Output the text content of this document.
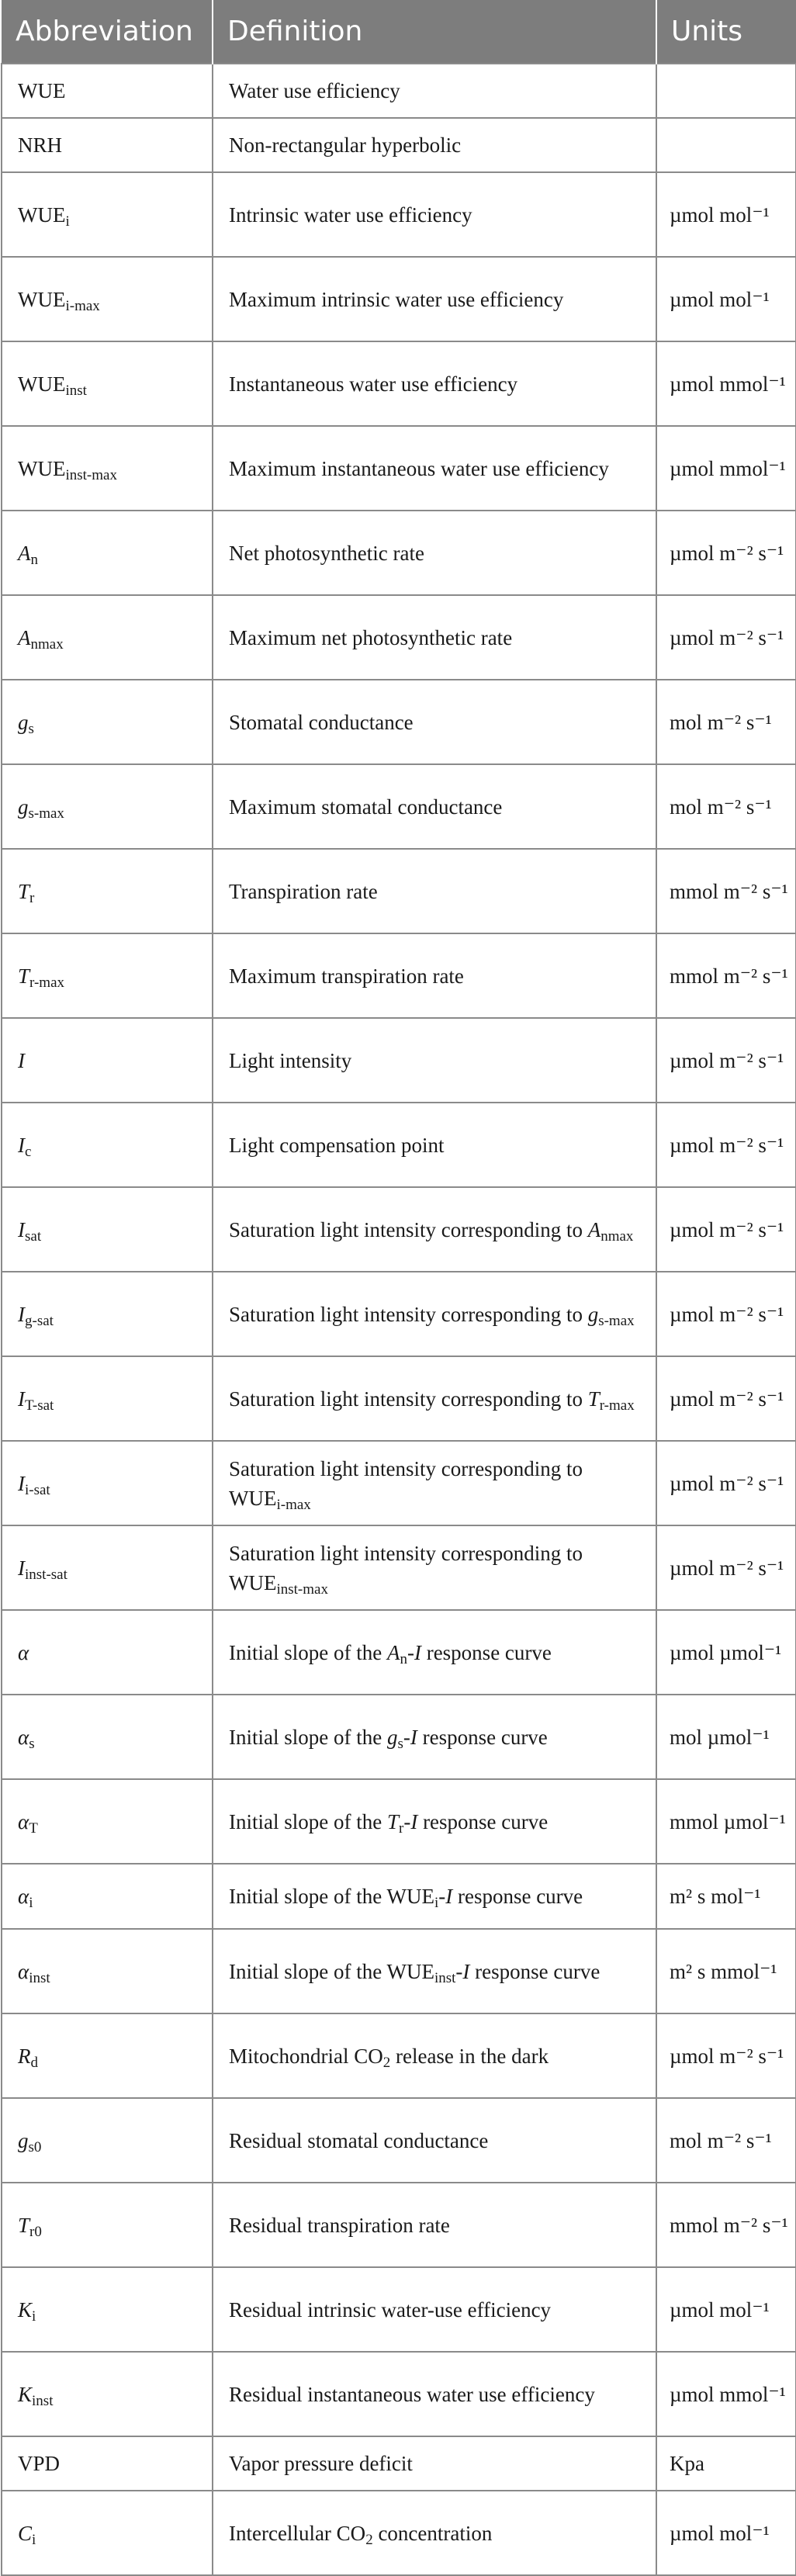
Abbreviation	Definition	Units
WUE	Water use efficiency	
NRH	Non-rectangular hyperbolic	
$WUE_i$	Intrinsic water use efficiency	µmol mol⁻¹
$WUE_{i-max}$	Maximum intrinsic water use efficiency	µmol mol⁻¹
$WUE_{inst}$	Instantaneous water use efficiency	µmol mmol⁻¹
$WUE_{inst-max}$	Maximum instantaneous water use efficiency	µmol mmol⁻¹
$A_n$	Net photosynthetic rate	µmol m⁻² s⁻¹
$A_{nmax}$	Maximum net photosynthetic rate	µmol m⁻² s⁻¹
$g_s$	Stomatal conductance	mol m⁻² s⁻¹
$g_{s-max}$	Maximum stomatal conductance	mol m⁻² s⁻¹
$T_r$	Transpiration rate	mmol m⁻² s⁻¹
$T_{r-max}$	Maximum transpiration rate	mmol m⁻² s⁻¹
I	Light intensity	µmol m⁻² s⁻¹
$I_c$	Light compensation point	µmol m⁻² s⁻¹
$I_{sat}$	Saturation light intensity corresponding to $A_{nmax}$	µmol m⁻² s⁻¹
$I_{g-sat}$	Saturation light intensity corresponding to $g_{s-max}$	µmol m⁻² s⁻¹
$I_{T-sat}$	Saturation light intensity corresponding to $T_{r-max}$	µmol m⁻² s⁻¹
$I_{i-sat}$	Saturation light intensity corresponding to $WUE_{i-max}$	µmol m⁻² s⁻¹
$I_{inst-sat}$	Saturation light intensity corresponding to $WUE_{inst-max}$	µmol m⁻² s⁻¹
α	Initial slope of the $A_n-I$ response curve	µmol µmol⁻¹
$\alpha_s$	Initial slope of the $g_s-I$ response curve	mol µmol⁻¹
$\alpha_T$	Initial slope of the $T_r-I$ response curve	mmol µmol⁻¹
$\alpha_i$	Initial slope of the $WUE_i-I$ response curve	m² s mol⁻¹
$\alpha_{inst}$	Initial slope of the $WUE_{inst}-I$ response curve	m² s mmol⁻¹
$R_d$	Mitochondrial $CO_2$ release in the dark	µmol m⁻² s⁻¹
$g_{s0}$	Residual stomatal conductance	mol m⁻² s⁻¹
$T_{r0}$	Residual transpiration rate	mmol m⁻² s⁻¹
$K_i$	Residual intrinsic water-use efficiency	µmol mol⁻¹
$K_{inst}$	Residual instantaneous water use efficiency	µmol mmol⁻¹
VPD	Vapor pressure deficit	Kpa
$C_i$	Intercellular $CO_2$ concentration	µmol mol⁻¹
